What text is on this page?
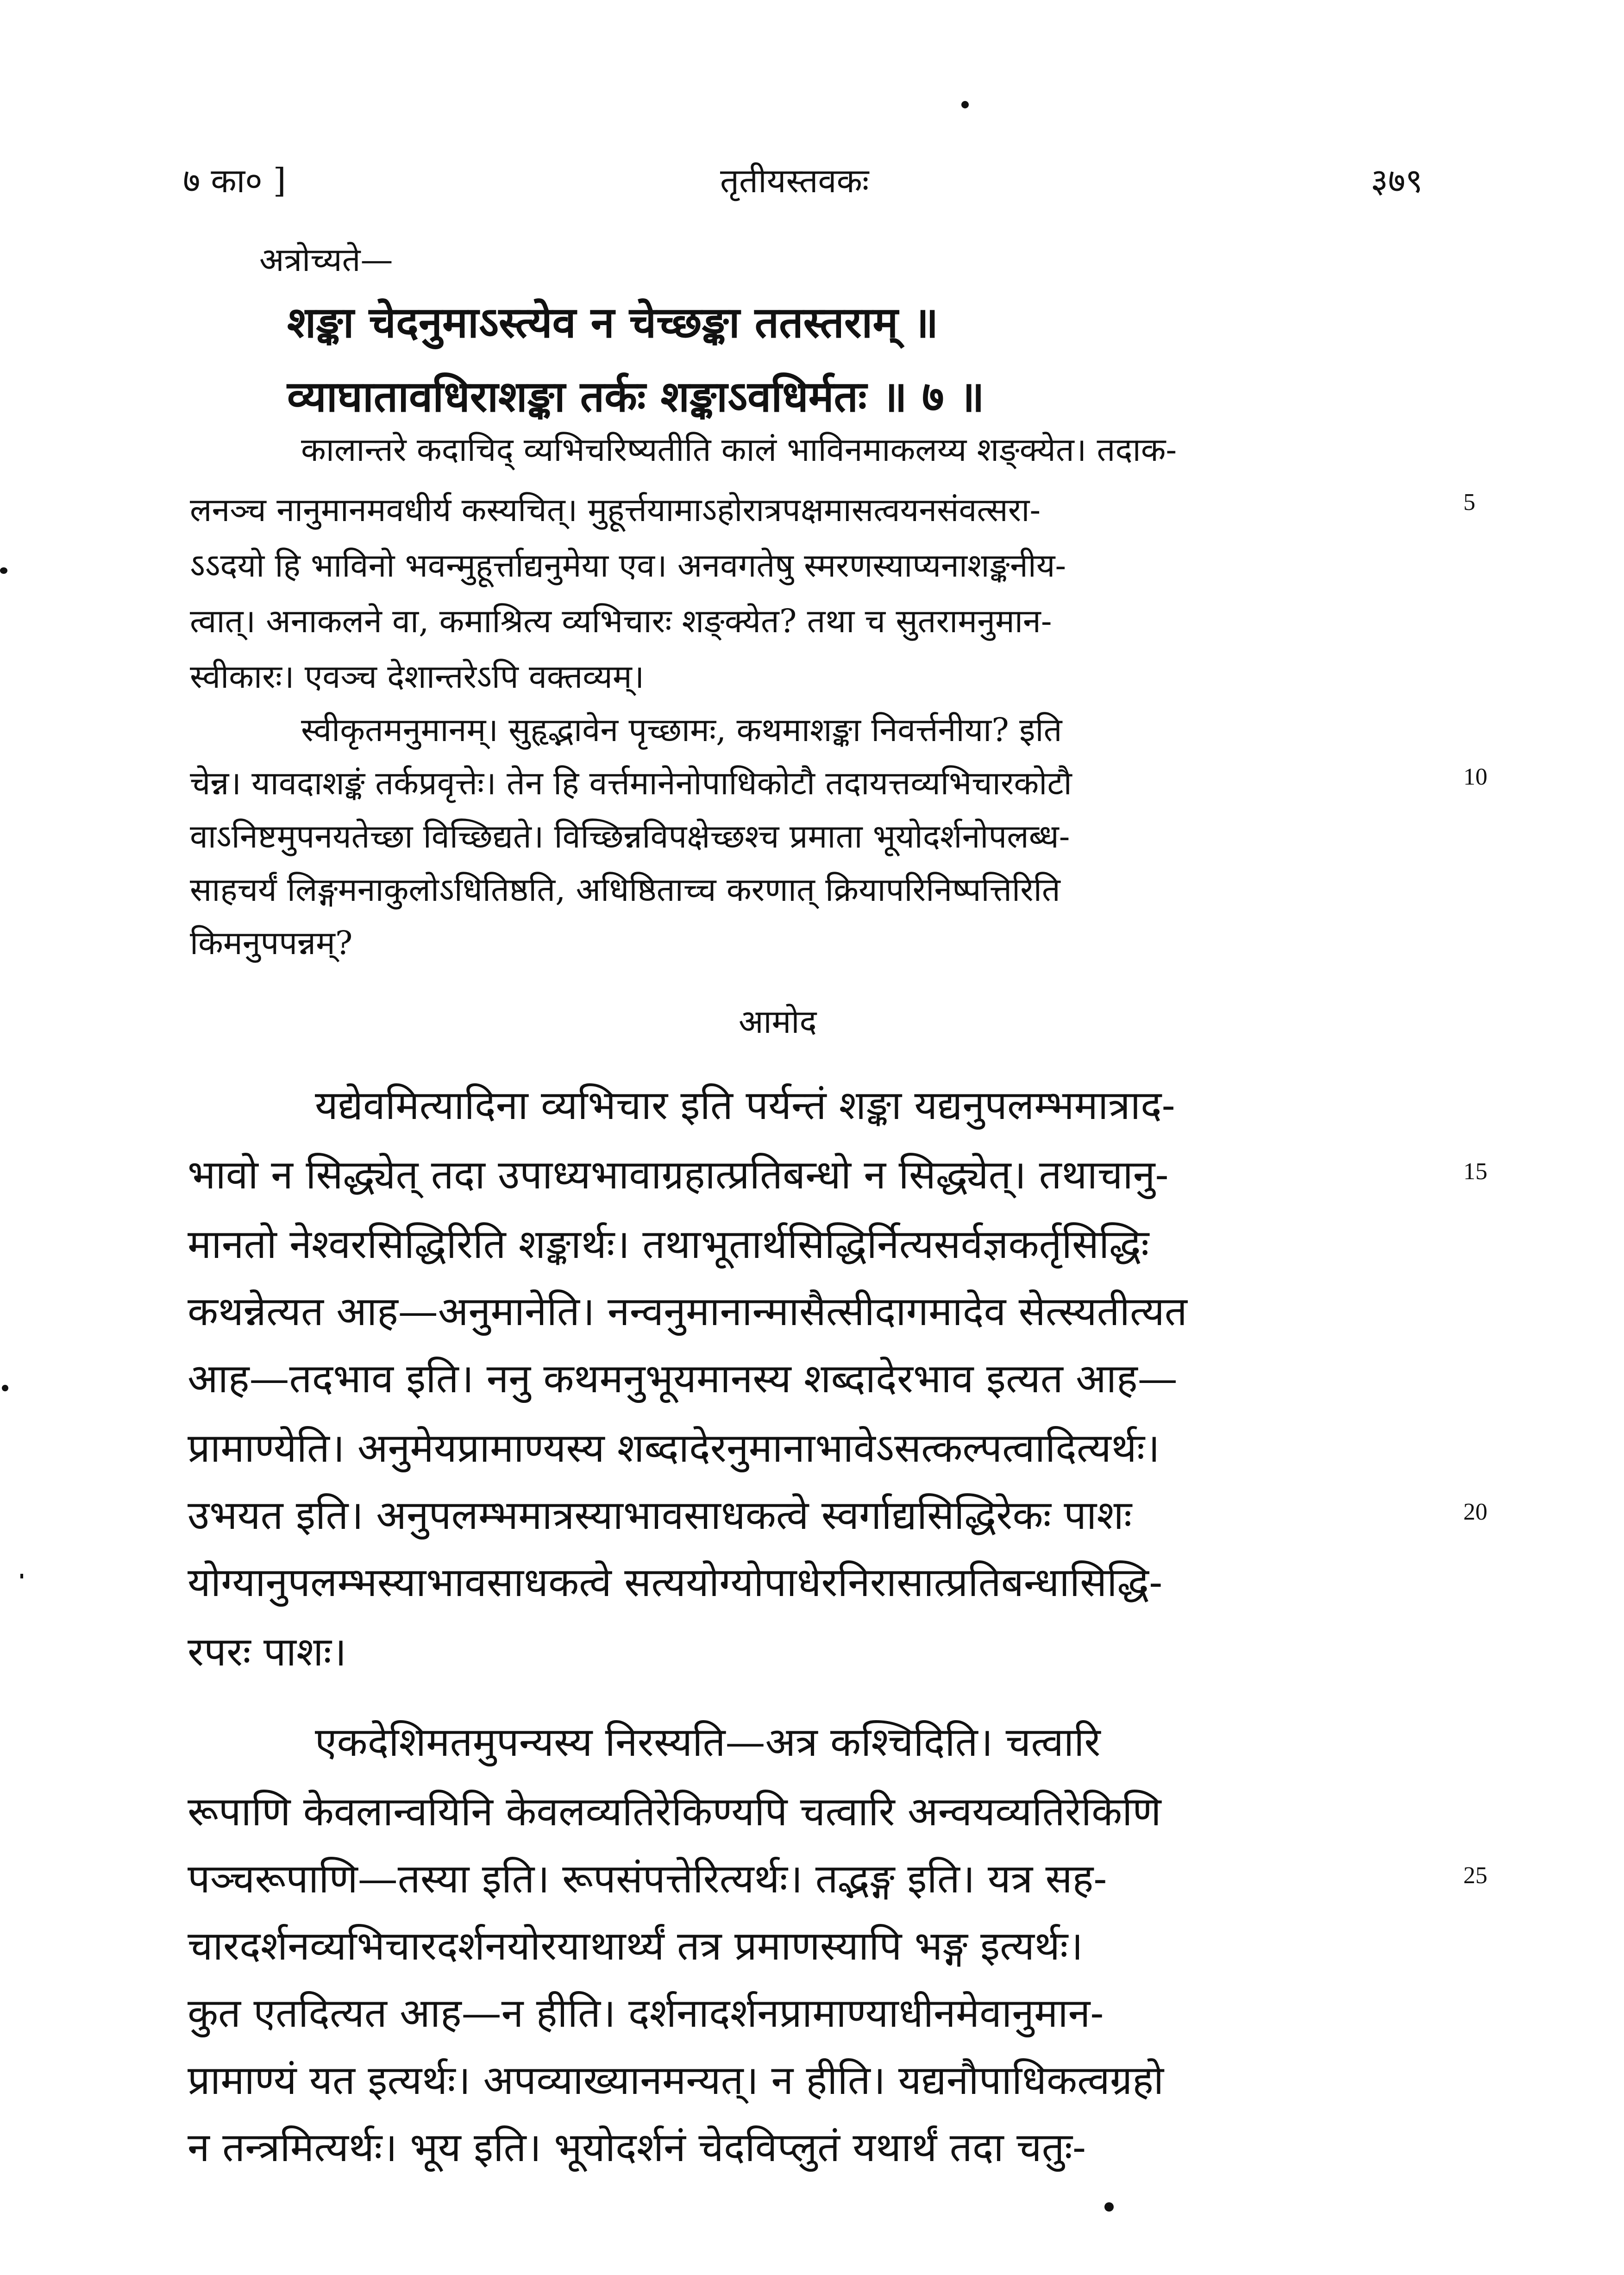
७ का० ]	तृतीयस्तवकः	३७९
अत्रोच्यते—
शङ्का चेदनुमाऽस्त्येव न चेच्छङ्का ततस्तराम् ॥
व्याघातावधिराशङ्का तर्कः शङ्काऽवधिर्मतः ॥ ७ ॥
कालान्तरे कदाचिद् व्यभिचरिष्यतीति कालं भाविनमाकलय्य शङ्क्येत। तदाक-
लनञ्च नानुमानमवधीर्य कस्यचित्। मुहूर्त्तयामाऽहोरात्रपक्षमासत्वयनसंवत्सरा-
ऽऽदयो हि भाविनो भवन्मुहूर्त्ताद्यनुमेया एव। अनवगतेषु स्मरणस्याप्यनाशङ्कनीय-
त्वात्। अनाकलने वा, कमाश्रित्य व्यभिचारः शङ्क्येत? तथा च सुतरामनुमान-
स्वीकारः। एवञ्च देशान्तरेऽपि वक्तव्यम्।
स्वीकृतमनुमानम्। सुहृद्भावेन पृच्छामः, कथमाशङ्का निवर्त्तनीया? इति
चेन्न। यावदाशङ्कं तर्कप्रवृत्तेः। तेन हि वर्त्तमानेनोपाधिकोटौ तदायत्तव्यभिचारकोटौ
वाऽनिष्टमुपनयतेच्छा विच्छिद्यते। विच्छिन्नविपक्षेच्छश्च प्रमाता भूयोदर्शनोपलब्ध-
साहचर्यं लिङ्गमनाकुलोऽधितिष्ठति, अधिष्ठिताच्च करणात् क्रियापरिनिष्पत्तिरिति
किमनुपपन्नम्?
आमोद
यद्येवमित्यादिना व्यभिचार इति पर्यन्तं शङ्का यद्यनुपलम्भमात्राद-
भावो न सिद्ध्येत् तदा उपाध्यभावाग्रहात्प्रतिबन्धो न सिद्ध्येत्। तथाचानु-
मानतो नेश्वरसिद्धिरिति शङ्कार्थः। तथाभूतार्थसिद्धिर्नित्यसर्वज्ञकर्तृसिद्धिः
कथन्नेत्यत आह—अनुमानेति। नन्वनुमानान्मासैत्सीदागमादेव सेत्स्यतीत्यत
आह—तदभाव इति। ननु कथमनुभूयमानस्य शब्दादेरभाव इत्यत आह—
प्रामाण्येति। अनुमेयप्रामाण्यस्य शब्दादेरनुमानाभावेऽसत्कल्पत्वादित्यर्थः।
उभयत इति। अनुपलम्भमात्रस्याभावसाधकत्वे स्वर्गाद्यसिद्धिरेकः पाशः
योग्यानुपलम्भस्याभावसाधकत्वे सत्ययोग्योपाधेरनिरासात्प्रतिबन्धासिद्धि-
रपरः पाशः।
एकदेशिमतमुपन्यस्य निरस्यति—अत्र कश्चिदिति। चत्वारि
रूपाणि केवलान्वयिनि केवलव्यतिरेकिण्यपि चत्वारि अन्वयव्यतिरेकिणि
पञ्चरूपाणि—तस्या इति। रूपसंपत्तेरित्यर्थः। तद्भङ्ग इति। यत्र सह-
चारदर्शनव्यभिचारदर्शनयोरयाथार्थ्यं तत्र प्रमाणस्यापि भङ्ग इत्यर्थः।
कुत एतदित्यत आह—न हीति। दर्शनादर्शनप्रामाण्याधीनमेवानुमान-
प्रामाण्यं यत इत्यर्थः। अपव्याख्यानमन्यत्। न हीति। यद्यनौपाधिकत्वग्रहो
न तन्त्रमित्यर्थः। भूय इति। भूयोदर्शनं चेदविप्लुतं यथार्थं तदा चतुः-
5
10
15
20
25
